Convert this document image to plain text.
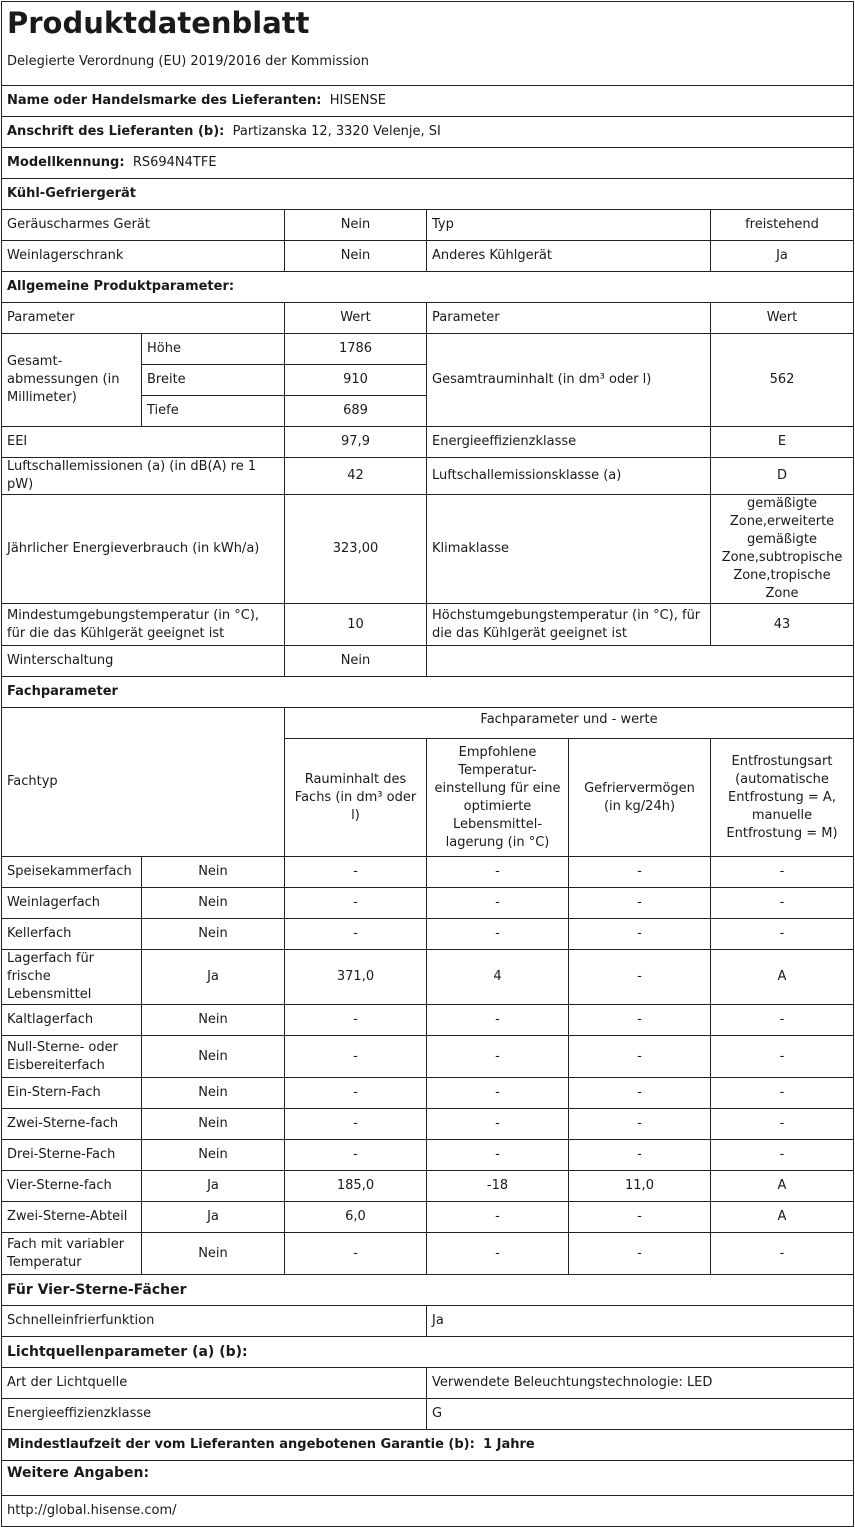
Produktdatenblatt
Delegierte Verordnung (EU) 2019/2016 der Kommission					

Name oder Handelsmarke des Lieferanten: HISENSE					
Anschrift des Lieferanten (b): Partizanska 12, 3320 Velenje, SI					
Modellkennung: RS694N4TFE					
Kühl-Gefriergerät					
Geräuscharmes Gerät		Nein	Typ		freistehend
Weinlagerschrank		Nein	Anderes Kühlgerät		Ja
Allgemeine Produktparameter:					
Parameter		Wert	Parameter		Wert
Gesamt-abmessungen (in Millimeter)	Höhe	1786	Gesamtrauminhalt (in dm³ oder l)		562
	Breite	910			
	Tiefe	689			
EEI		97,9	Energieeffizienzklasse		E
Luftschallemissionen (a) (in dB(A) re 1 pW)		42	Luftschallemissionsklasse (a)		D
Jährlicher Energieverbrauch (in kWh/a)		323,00	Klimaklasse		gemäßigte Zone,erweiterte gemäßigte Zone,subtropische Zone,tropische Zone
Mindestumgebungstemperatur (in °C), für die das Kühlgerät geeignet ist		10	Höchstumgebungstemperatur (in °C), für die das Kühlgerät geeignet ist		43
Winterschaltung		Nein			
Fachparameter					
Fachtyp		Fachparameter und - werte			
		Rauminhalt des Fachs (in dm³ oder l)	Empfohlene Temperatur-einstellung für eine optimierte Lebensmittel-lagerung (in °C)	Gefriervermögen (in kg/24h)	Entfrostungsart (automatische Entfrostung = A, manuelle Entfrostung = M)
Speisekammerfach	Nein	-	-	-	-
Weinlagerfach	Nein	-	-	-	-
Kellerfach	Nein	-	-	-	-
Lagerfach für frische Lebensmittel	Ja	371,0	4	-	A
Kaltlagerfach	Nein	-	-	-	-
Null-Sterne- oder Eisbereiterfach	Nein	-	-	-	-
Ein-Stern-Fach	Nein	-	-	-	-
Zwei-Sterne-fach	Nein	-	-	-	-
Drei-Sterne-Fach	Nein	-	-	-	-
Vier-Sterne-fach	Ja	185,0	-18	11,0	A
Zwei-Sterne-Abteil	Ja	6,0	-	-	A
Fach mit variabler Temperatur	Nein	-	-	-	-
Für Vier-Sterne-Fächer					
Schnelleinfrierfunktion			Ja		
Lichtquellenparameter (a) (b):					
Art der Lichtquelle			Verwendete Beleuchtungstechnologie: LED		
Energieeffizienzklasse			G		
Mindestlaufzeit der vom Lieferanten angebotenen Garantie (b): 1 Jahre					
Weitere Angaben:					
http://global.hisense.com/					
